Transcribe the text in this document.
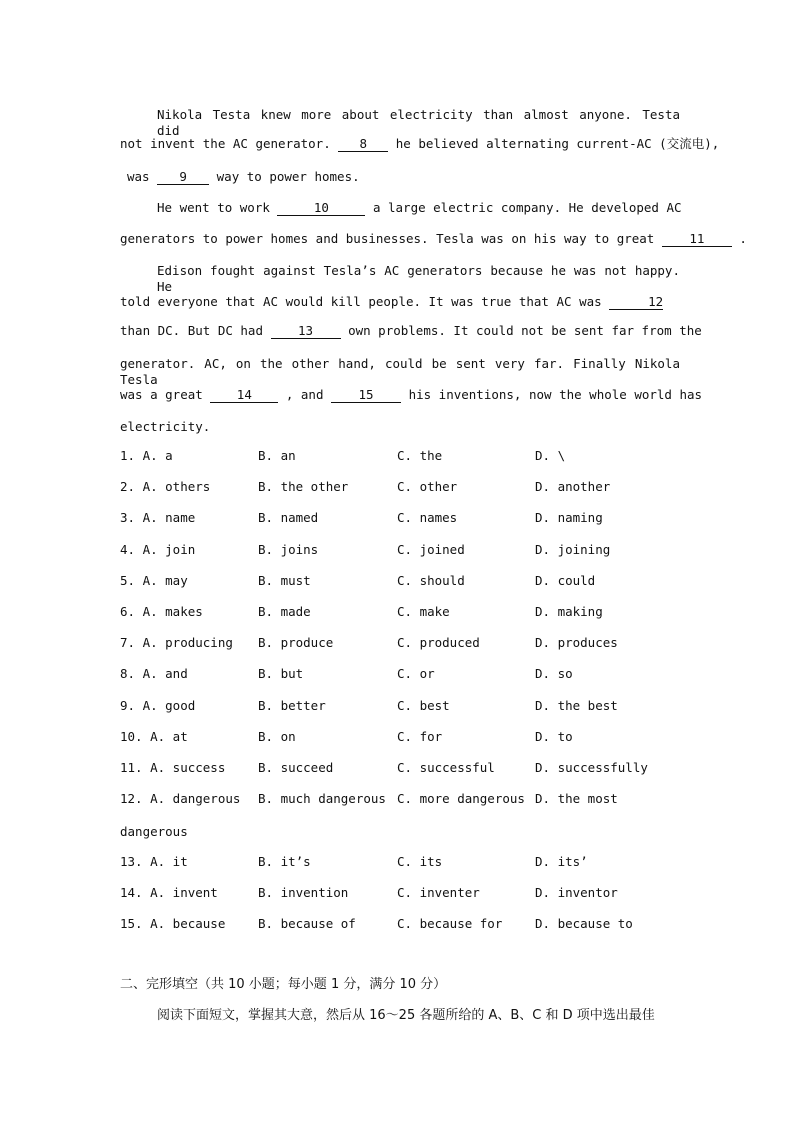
Nikola Testa knew more about electricity than almost anyone. Testa did
not invent the AC generator. 8 he believed alternating current-AC (交流电),
was 9 way to power homes.
He went to work	10	a large electric company. He developed AC
generators to power homes and businesses. Tesla was on his way to great	11	.
Edison fought against Tesla’s AC generators because he was not happy. He
told everyone that AC would kill people. It was true that AC was	12
than DC. But DC had	13	own problems. It could not be sent far from the
generator. AC, on the other hand, could be sent very far. Finally Nikola Tesla
was a great	14	, and	15	his inventions, now the whole world has
electricity.
1. A. a	B. an	C. the	D. \
2. A. others	B. the other	C. other	D. another
3. A. name	B. named	C. names	D. naming
4. A. join	B. joins	C. joined	D. joining
5. A. may	B. must	C. should	D. could
6. A. makes	B. made	C. make	D. making
7. A. producing B. produce	C. produced	D. produces
8. A. and	B. but	C. or	D. so
9. A. good	B. better	C. best	D. the best
10. A. at	B. on	C. for	D. to
11. A. success	B. succeed	C. successful	D. successfully
12. A. dangerous B. much dangerous C. more dangerous D. the most
dangerous
13. A. it	B. it’s	C. its	D. its’
14. A. invent	B. invention	C. inventer	D. inventor
15. A. because	B. because of	C. because for	D. because to
二、完形填空（共 10 小题；每小题 1 分，满分 10 分）
阅读下面短文，掌握其大意，然后从 16～25 各题所给的 A、B、C 和 D 项中选出最佳
